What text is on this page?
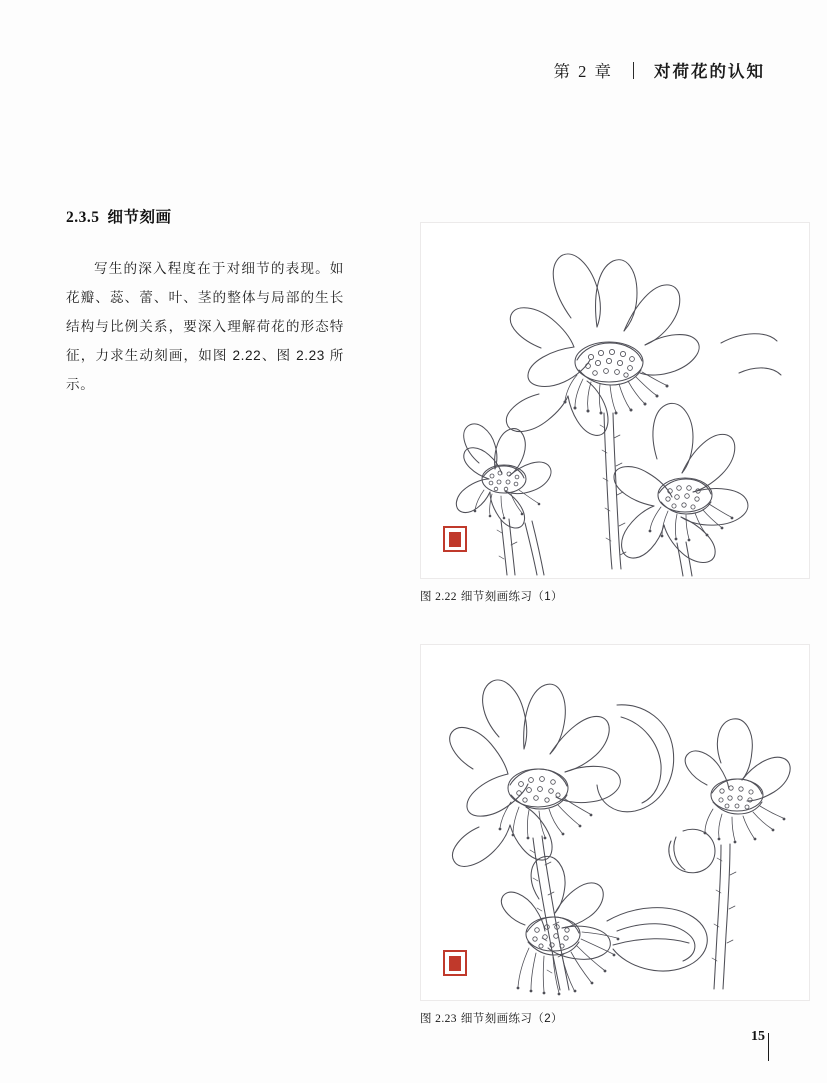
第 2 章 对荷花的认知
2.3.5 细节刻画

写生的深入程度在于对细节的表现。如花瓣、蕊、蕾、叶、茎的整体与局部的生长结构与比例关系，要深入理解荷花的形态特征，力求生动刻画，如图 2.22、图 2.23 所示。

图 2.22 细节刻画练习（1）
图 2.23 细节刻画练习（2）
15
